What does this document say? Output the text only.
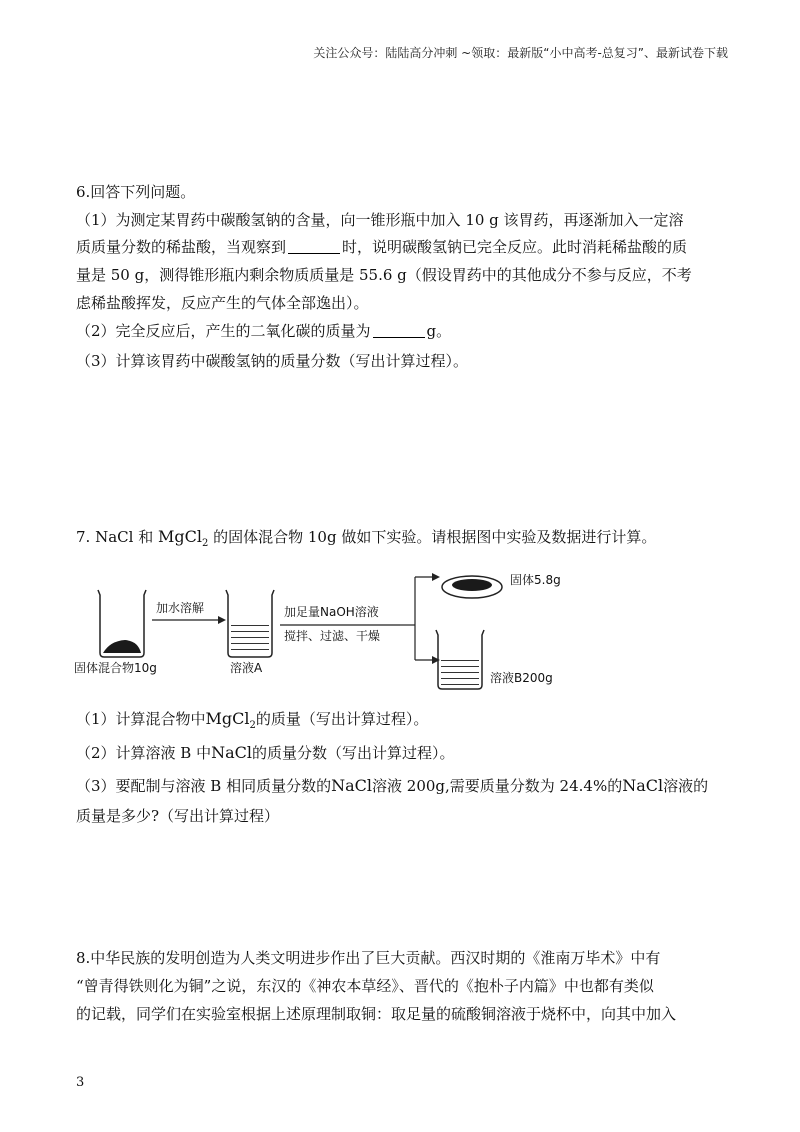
关注公众号：陆陆高分冲刺 ~领取：最新版“小中高考-总复习”、最新试卷下载
6.回答下列问题。
（1）为测定某胃药中碳酸氢钠的含量，向一锥形瓶中加入 10 g 该胃药，再逐渐加入一定溶
质质量分数的稀盐酸，当观察到	时，说明碳酸氢钠已完全反应。此时消耗稀盐酸的质
量是 50 g，测得锥形瓶内剩余物质质量是 55.6 g（假设胃药中的其他成分不参与反应，不考
虑稀盐酸挥发，反应产生的气体全部逸出）。
（2）完全反应后，产生的二氧化碳的质量为	g。
（3）计算该胃药中碳酸氢钠的质量分数（写出计算过程）。
7. NaCl 和 MgCl$_2$ 的固体混合物 10g 做如下实验。请根据图中实验及数据进行计算。
加水溶解	加足量NaOH溶液
搅拌、过滤、干燥
固体混合物10g	溶液A
固体5.8g
溶液B200g
（1）计算混合物中MgCl$_2$的质量（写出计算过程）。
（2）计算溶液 B 中NaCl的质量分数（写出计算过程）。
（3）要配制与溶液 B 相同质量分数的NaCl溶液 200g,需要质量分数为 24.4%的NaCl溶液的
质量是多少?（写出计算过程）
8.中华民族的发明创造为人类文明进步作出了巨大贡献。西汉时期的《淮南万毕术》中有
“曾青得铁则化为铜”之说，东汉的《神农本草经》、晋代的《抱朴子内篇》中也都有类似
的记载，同学们在实验室根据上述原理制取铜：取足量的硫酸铜溶液于烧杯中，向其中加入
3
